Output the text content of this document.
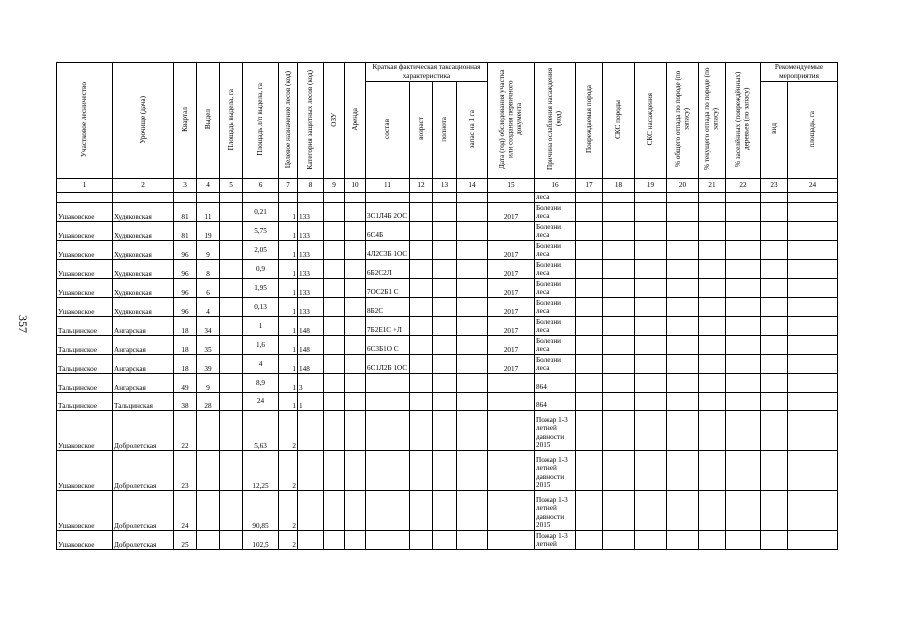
357
Участковое лесничество	Урочище (дача)	Квартал	Выдел	Площадь выдела, га	Площадь л/п выдела, га	Целевое назначение лесов (код)	Категория защитных лесов (код)	ОЗУ	Аренда	Краткая фактическая таксационная характеристика				Дата (год) обследования участка или создания первичного документа	Причина ослабления насаждения (код)	Повреждаемая порода	СКС породы	СКС насаждения	% общего отпада по породе (по запасу)	% текущего отпада по породе (по запасу)	% заселённых (повреждённых) деревьев (по запасу)	Рекомендуемые мероприятия	
										состав	возраст	полнота	запас на 1 га									вид	площадь, га
1	2	3	4	5	6	7	8	9	10	11	12	13	14	15	16	17	18	19	20	21	22	23	24
															леса								
Ушаковское	Худяковская	81	11		0,21	1	133			3С1Л4Б 2ОС				2017	Болезни леса								
Ушаковское	Худяковская	81	19		5,75	1	133			6С4Б					Болезни леса								
Ушаковское	Худяковская	96	9		2,05	1	133			4Л2С3Б 1ОС				2017	Болезни леса								
Ушаковское	Худяковская	96	8		0,9	1	133			6Б2С2Л				2017	Болезни леса								
Ушаковское	Худяковская	96	6		1,95	1	133			7ОС2Б1 С				2017	Болезни леса								
Ушаковское	Худяковская	96	4		0,13	1	133			8Б2С				2017	Болезни леса								
Тальцинское	Ангарская	18	34		1	1	148			7Б2Е1С +Л				2017	Болезни леса								
Тальцинское	Ангарская	18	35		1,6	1	148			6С3Б1О С				2017	Болезни леса								
Тальцинское	Ангарская	18	39		4	1	148			6С1Л2Б 1ОС				2017	Болезни леса								
Тальцинское	Ангарская	49	9		8,9	1	3								864								
Тальцинское	Тальцинская	38	28		24	1	1								864								
Ушаковское	Добролетская	22			5,63	2									Пожар 1-3 летней давности 2015								
Ушаковское	Добролетская	23			12,25	2									Пожар 1-3 летней давности 2015								
Ушаковское	Добролетская	24			90,85	2									Пожар 1-3 летней давности 2015								
Ушаковское	Добролетская	25			102,5	2									Пожар 1-3 летней								
